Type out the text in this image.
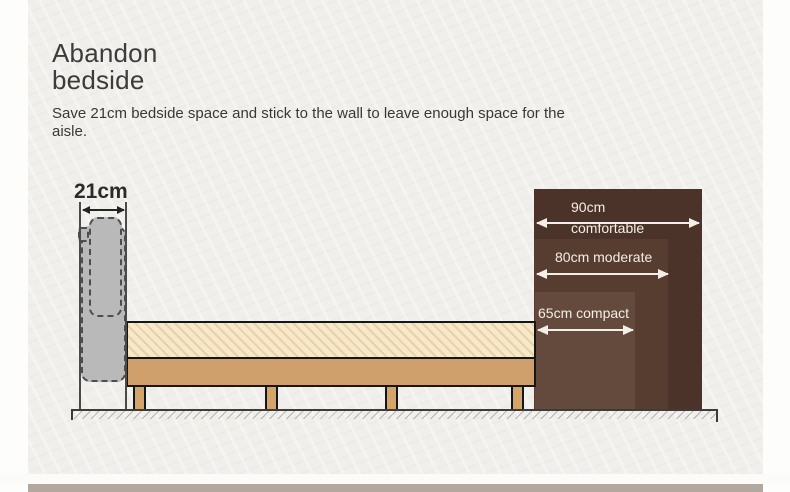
Abandon
bedside
Save 21cm bedside space and stick to the wall to leave enough space for the aisle.
90cm
comfortable
80cm moderate
65cm compact
21cm
